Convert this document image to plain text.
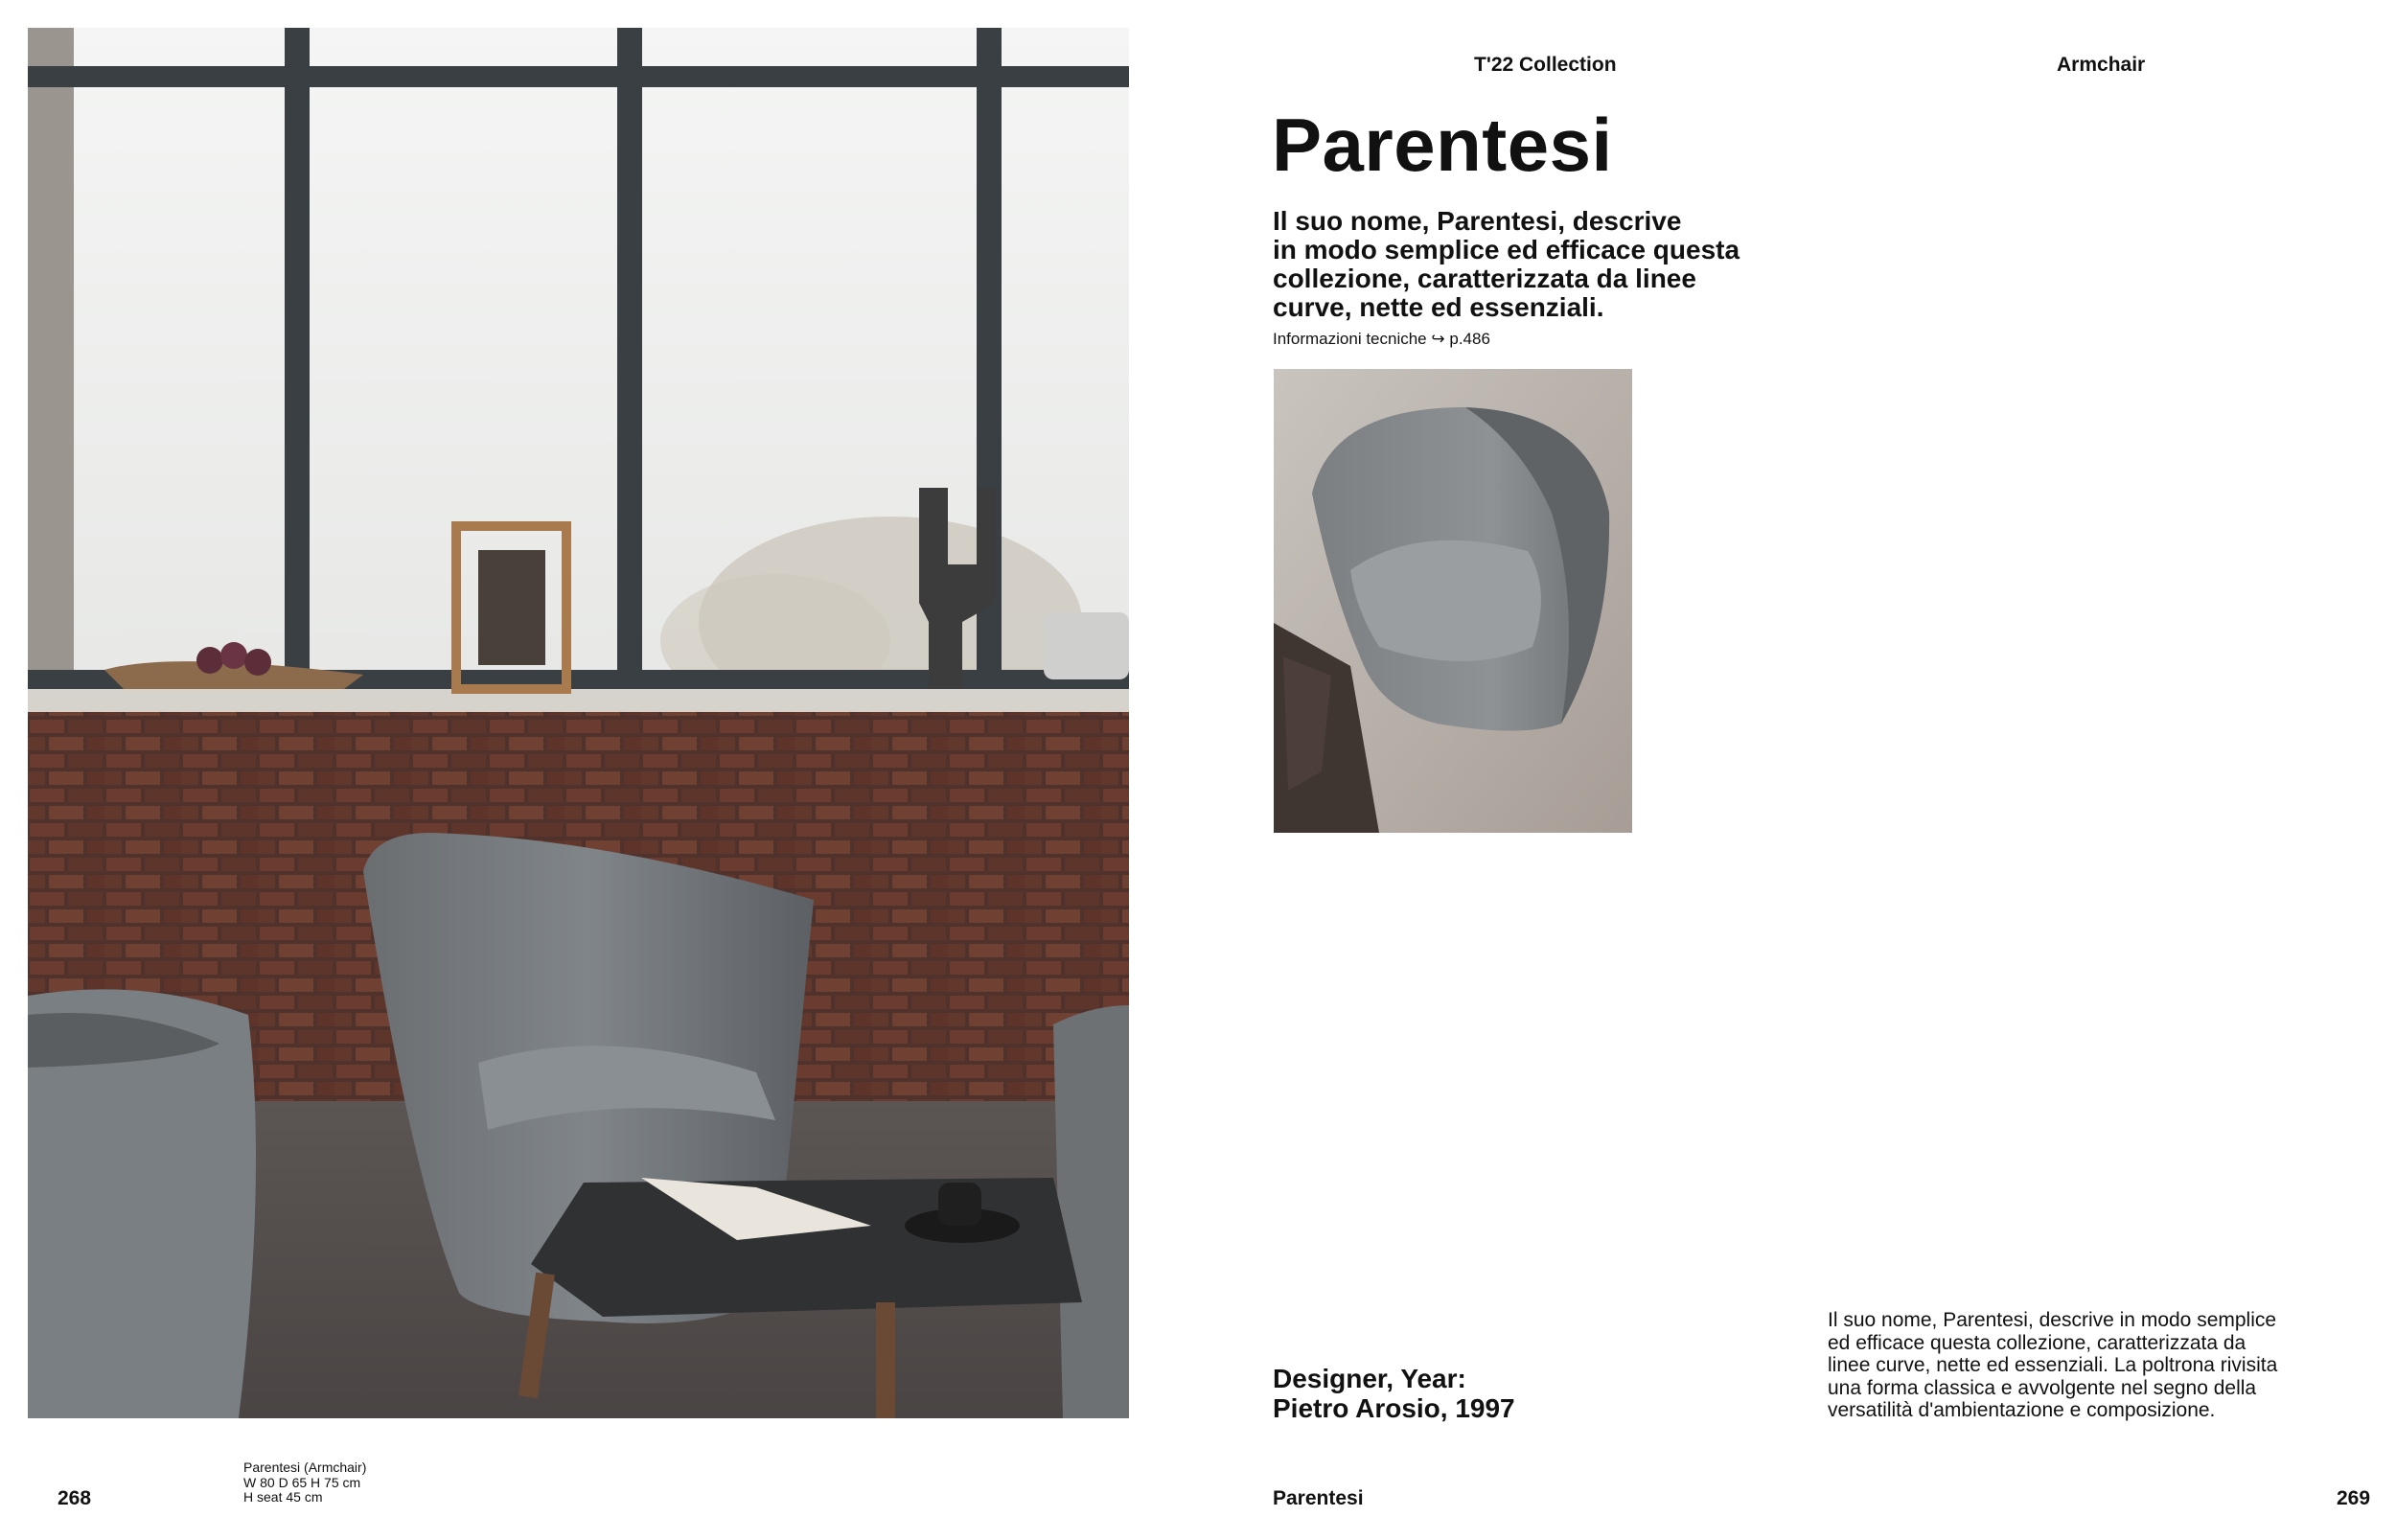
T'22 Collection	Armchair
Parentesi
Il suo nome, Parentesi, descrive
in modo semplice ed efficace questa
collezione, caratterizzata da linee
curve, nette ed essenziali.
Informazioni tecniche ↪ p.486
Designer, Year:
Pietro Arosio, 1997
Il suo nome, Parentesi, descrive in modo semplice
ed efficace questa collezione, caratterizzata da
linee curve, nette ed essenziali. La poltrona rivisita
una forma classica e avvolgente nel segno della
versatilità d'ambientazione e composizione.
268
Parentesi (Armchair)
W 80 D 65 H 75 cm
H seat 45 cm	Parentesi	269
